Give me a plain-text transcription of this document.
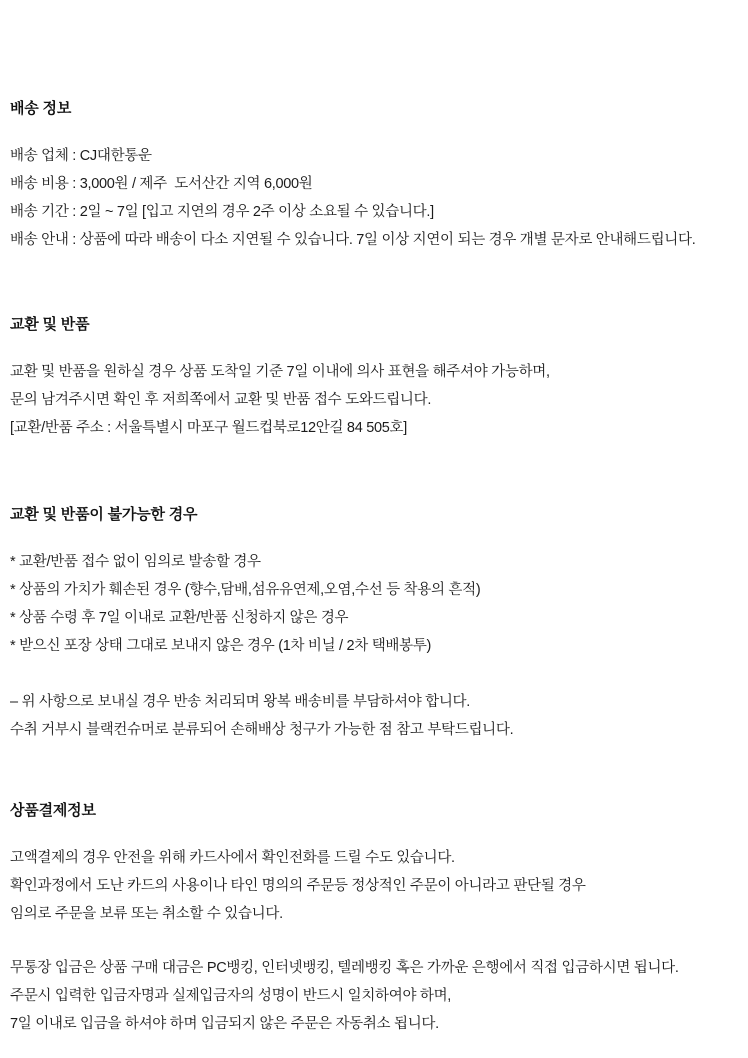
배송 정보
배송 업체 : CJ대한통운
배송 비용 : 3,000원 / 제주  도서산간 지역 6,000원
배송 기간 : 2일 ~ 7일 [입고 지연의 경우 2주 이상 소요될 수 있습니다.]
배송 안내 : 상품에 따라 배송이 다소 지연될 수 있습니다. 7일 이상 지연이 되는 경우 개별 문자로 안내해드립니다.
교환 및 반품
교환 및 반품을 원하실 경우 상품 도착일 기준 7일 이내에 의사 표현을 해주셔야 가능하며,
문의 남겨주시면 확인 후 저희쪽에서 교환 및 반품 접수 도와드립니다.
[교환/반품 주소 : 서울특별시 마포구 월드컵북로12안길 84 505호]
교환 및 반품이 불가능한 경우
* 교환/반품 접수 없이 임의로 발송할 경우
* 상품의 가치가 훼손된 경우 (향수,담배,섬유유연제,오염,수선 등 착용의 흔적)
* 상품 수령 후 7일 이내로 교환/반품 신청하지 않은 경우
* 받으신 포장 상태 그대로 보내지 않은 경우 (1차 비닐 / 2차 택배봉투)
– 위 사항으로 보내실 경우 반송 처리되며 왕복 배송비를 부담하셔야 합니다.
수취 거부시 블랙컨슈머로 분류되어 손해배상 청구가 가능한 점 참고 부탁드립니다.
상품결제정보
고액결제의 경우 안전을 위해 카드사에서 확인전화를 드릴 수도 있습니다.
확인과정에서 도난 카드의 사용이나 타인 명의의 주문등 정상적인 주문이 아니라고 판단될 경우
임의로 주문을 보류 또는 취소할 수 있습니다.
무통장 입금은 상품 구매 대금은 PC뱅킹, 인터넷뱅킹, 텔레뱅킹 혹은 가까운 은행에서 직접 입금하시면 됩니다.
주문시 입력한 입금자명과 실제입금자의 성명이 반드시 일치하여야 하며,
7일 이내로 입금을 하셔야 하며 입금되지 않은 주문은 자동취소 됩니다.
